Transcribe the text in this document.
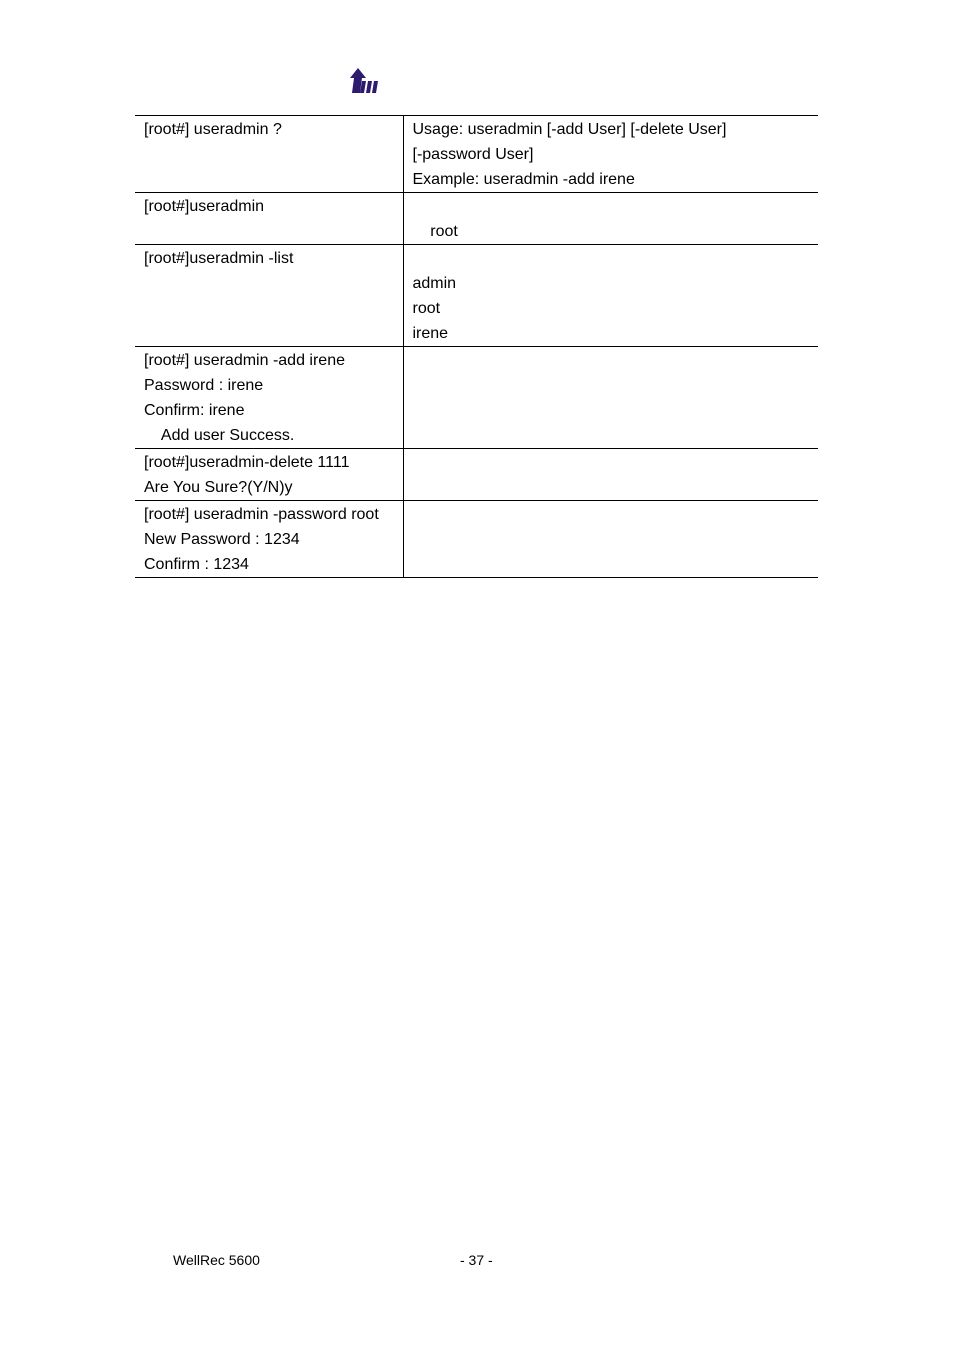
[root#] useradmin ?	Usage: useradmin [-add User] [-delete User]
[-password User]
Example: useradmin -add irene

[root#]useradmin	root

[root#]useradmin -list	admin
root
irene

[root#] useradmin -add irene
Password : irene
Confirm: irene
Add user Success.	

[root#]useradmin-delete 1111
Are You Sure?(Y/N)y	

[root#] useradmin -password root
New Password : 1234
Confirm : 1234	

WellRec 5600	- 37 -
